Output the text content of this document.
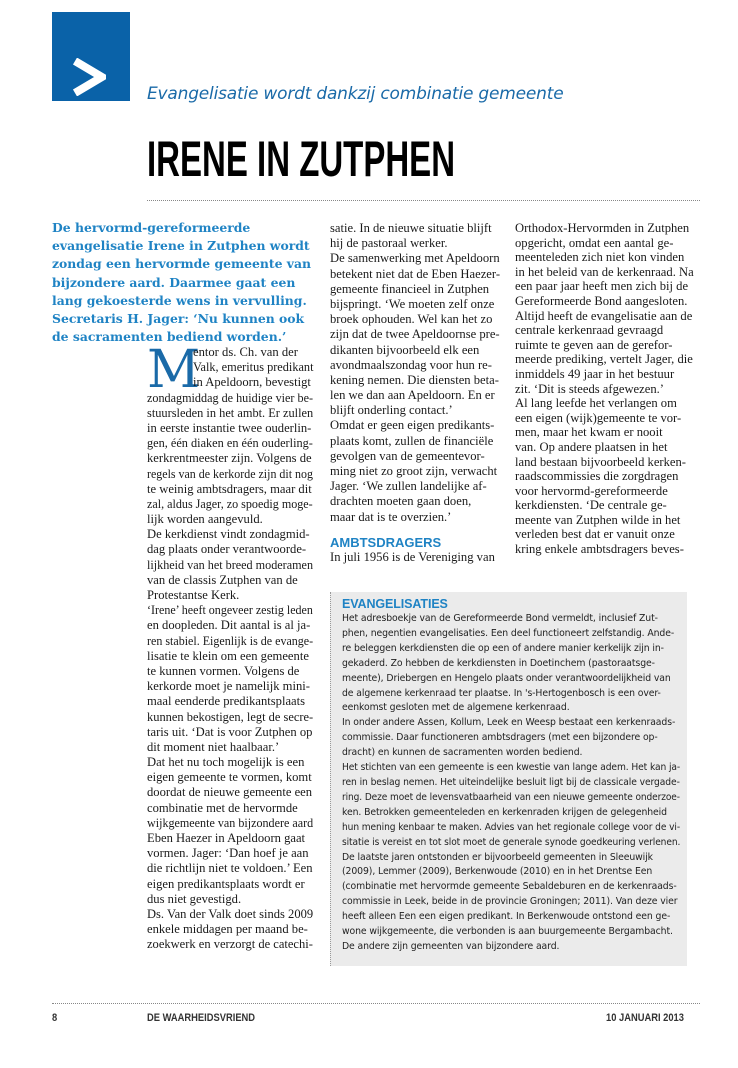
Evangelisatie wordt dankzij combinatie gemeente
IRENE IN ZUTPHEN
De hervormd-gereformeerde evangelisatie Irene in Zutphen wordt zondag een hervormde gemeente van bijzondere aard. Daarmee gaat een lang gekoesterde wens in vervulling. Secretaris H. Jager: ‘Nu kunnen ook de sacramenten bediend worden.’
M
entor ds. Ch. van der
Valk, emeritus predikant
in Apeldoorn, bevestigt
zondagmiddag de huidige vier be-
stuursleden in het ambt. Er zullen
in eerste instantie twee ouderlin-
gen, één diaken en één ouderling-
kerkrentmeester zijn. Volgens de
regels van de kerkorde zijn dit nog
te weinig ambtsdragers, maar dit
zal, aldus Jager, zo spoedig moge-
lijk worden aangevuld.
De kerkdienst vindt zondagmid-
dag plaats onder verantwoorde-
lijkheid van het breed moderamen
van de classis Zutphen van de
Protestantse Kerk.
‘Irene’ heeft ongeveer zestig leden
en doopleden. Dit aantal is al ja-
ren stabiel. Eigenlijk is de evange-
lisatie te klein om een gemeente
te kunnen vormen. Volgens de
kerkorde moet je namelijk mini-
maal eenderde predikantsplaats
kunnen bekostigen, legt de secre-
taris uit. ‘Dat is voor Zutphen op
dit moment niet haalbaar.’
Dat het nu toch mogelijk is een
eigen gemeente te vormen, komt
doordat de nieuwe gemeente een
combinatie met de hervormde
wijkgemeente van bijzondere aard
Eben Haezer in Apeldoorn gaat
vormen. Jager: ‘Dan hoef je aan
die richtlijn niet te voldoen.’ Een
eigen predikantsplaats wordt er
dus niet gevestigd.
Ds. Van der Valk doet sinds 2009
enkele middagen per maand be-
zoekwerk en verzorgt de catechi-
satie. In de nieuwe situatie blijft
hij de pastoraal werker.
De samenwerking met Apeldoorn
betekent niet dat de Eben Haezer-
gemeente financieel in Zutphen
bijspringt. ‘We moeten zelf onze
broek ophouden. Wel kan het zo
zijn dat de twee Apeldoornse pre-
dikanten bijvoorbeeld elk een
avondmaalszondag voor hun re-
kening nemen. Die diensten beta-
len we dan aan Apeldoorn. En er
blijft onderling contact.’
Omdat er geen eigen predikants-
plaats komt, zullen de financiële
gevolgen van de gemeentevor-
ming niet zo groot zijn, verwacht
Jager. ‘We zullen landelijke af-
drachten moeten gaan doen,
maar dat is te overzien.’
AMBTSDRAGERS
In juli 1956 is de Vereniging van
Orthodox-Hervormden in Zutphen
opgericht, omdat een aantal ge-
meenteleden zich niet kon vinden
in het beleid van de kerkenraad. Na
een paar jaar heeft men zich bij de
Gereformeerde Bond aangesloten.
Altijd heeft de evangelisatie aan de
centrale kerkenraad gevraagd
ruimte te geven aan de gerefor-
meerde prediking, vertelt Jager, die
inmiddels 49 jaar in het bestuur
zit. ‘Dit is steeds afgewezen.’
Al lang leefde het verlangen om
een eigen (wijk)gemeente te vor-
men, maar het kwam er nooit
van. Op andere plaatsen in het
land bestaan bijvoorbeeld kerken-
raadscommissies die zorgdragen
voor hervormd-gereformeerde
kerkdiensten. ‘De centrale ge-
meente van Zutphen wilde in het
verleden best dat er vanuit onze
kring enkele ambtsdragers beves-
EVANGELISATIES
Het adresboekje van de Gereformeerde Bond vermeldt, inclusief Zut-
phen, negentien evangelisaties. Een deel functioneert zelfstandig. Ande-
re beleggen kerkdiensten die op een of andere manier kerkelijk zijn in-
gekaderd. Zo hebben de kerkdiensten in Doetinchem (pastoraatsge-
meente), Driebergen en Hengelo plaats onder verantwoordelijkheid van
de algemene kerkenraad ter plaatse. In 's-Hertogenbosch is een over-
eenkomst gesloten met de algemene kerkenraad.
In onder andere Assen, Kollum, Leek en Weesp bestaat een kerkenraads-
commissie. Daar functioneren ambtsdragers (met een bijzondere op-
dracht) en kunnen de sacramenten worden bediend.
Het stichten van een gemeente is een kwestie van lange adem. Het kan ja-
ren in beslag nemen. Het uiteindelijke besluit ligt bij de classicale vergade-
ring. Deze moet de levensvatbaarheid van een nieuwe gemeente onderzoe-
ken. Betrokken gemeenteleden en kerkenraden krijgen de gelegenheid
hun mening kenbaar te maken. Advies van het regionale college voor de vi-
sitatie is vereist en tot slot moet de generale synode goedkeuring verlenen.
De laatste jaren ontstonden er bijvoorbeeld gemeenten in Sleeuwijk
(2009), Lemmer (2009), Berkenwoude (2010) en in het Drentse Een
(combinatie met hervormde gemeente Sebaldeburen en de kerkenraads-
commissie in Leek, beide in de provincie Groningen; 2011). Van deze vier
heeft alleen Een een eigen predikant. In Berkenwoude ontstond een ge-
wone wijkgemeente, die verbonden is aan buurgemeente Bergambacht.
De andere zijn gemeenten van bijzondere aard.
8	DE WAARHEIDSVRIEND	10 JANUARI 2013
